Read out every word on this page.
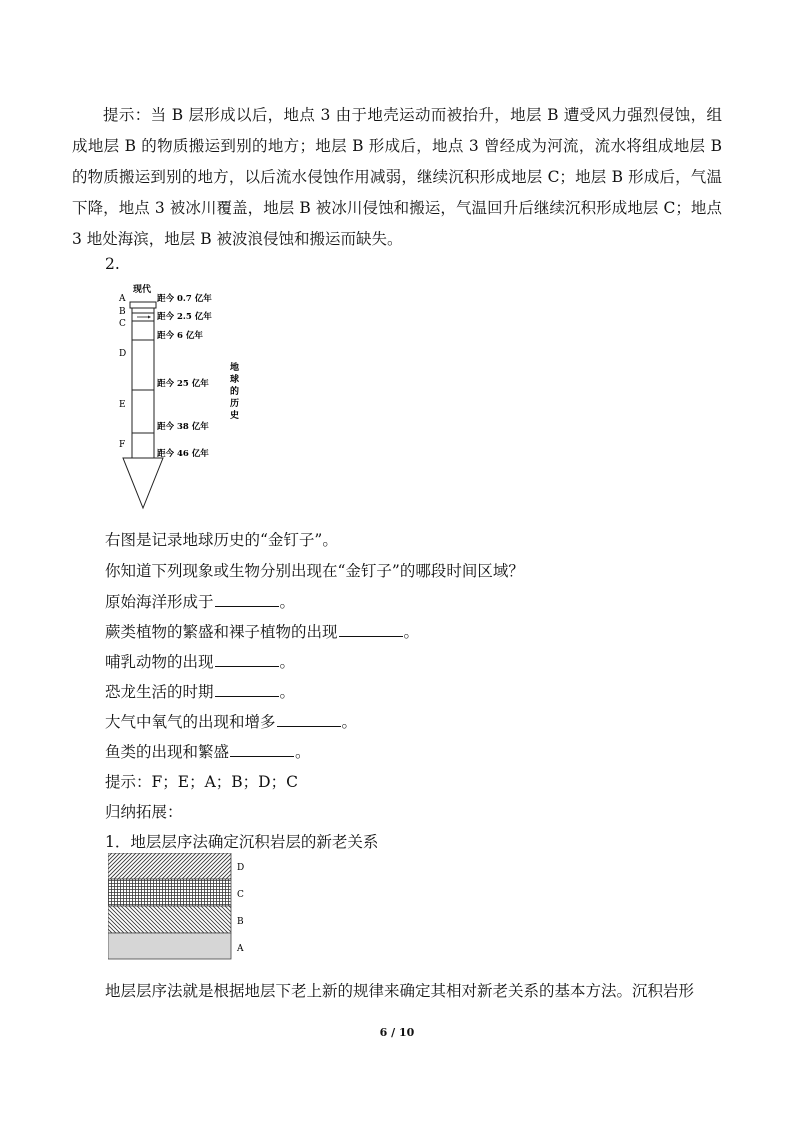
提示：当 B 层形成以后，地点 3 由于地壳运动而被抬升，地层 B 遭受风力强烈侵蚀，组成地层 B 的物质搬运到别的地方；地层 B 形成后，地点 3 曾经成为河流，流水将组成地层 B 的物质搬运到别的地方，以后流水侵蚀作用减弱，继续沉积形成地层 C；地层 B 形成后，气温下降，地点 3 被冰川覆盖，地层 B 被冰川侵蚀和搬运，气温回升后继续沉积形成地层 C；地点 3 地处海滨，地层 B 被波浪侵蚀和搬运而缺失。
2.
现代
A
B
C
D
E
F
距今 0.7 亿年
距今 2.5 亿年
距今 6 亿年
距今 25 亿年
距今 38 亿年
距今 46 亿年
地
球
的
历
史
右图是记录地球历史的“金钉子”。
你知道下列现象或生物分别出现在“金钉子”的哪段时间区域？
原始海洋形成于	。
蕨类植物的繁盛和裸子植物的出现	。
哺乳动物的出现	。
恐龙生活的时期	。
大气中氧气的出现和增多	。
鱼类的出现和繁盛	。
提示：F；E；A；B；D；C
归纳拓展：
1．地层层序法确定沉积岩层的新老关系
D
C
B
A
地层层序法就是根据地层下老上新的规律来确定其相对新老关系的基本方法。沉积岩形
6 / 10
